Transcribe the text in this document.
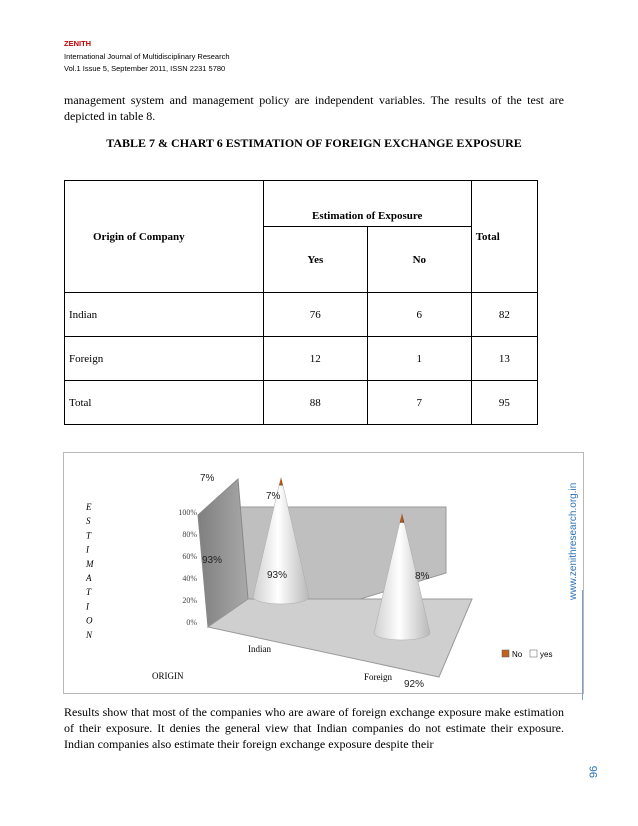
ZENITH
International Journal of Multidisciplinary Research
Vol.1 Issue 5, September 2011, ISSN 2231 5780
management system and management policy are independent variables. The results of the test are depicted in table 8.
TABLE 7 & CHART 6 ESTIMATION OF FOREIGN EXCHANGE EXPOSURE
Origin of Company	Estimation of Exposure		Total
	Yes	No	
Indian	76	6	82
Foreign	12	1	13
Total	88	7	95
0%
20%
40%
60%
80%
100%
E
S
T
I
M
A
T
I
O
N
7%
93%
7%
93%	8%
92%
Indian
Foreign
ORIGIN
No yes
Results show that most of the companies who are aware of foreign exchange exposure make estimation of their exposure. It denies the general view that Indian companies do not estimate their exposure. Indian companies also estimate their foreign exchange exposure despite their
www.zenithresearch.org.in
96
